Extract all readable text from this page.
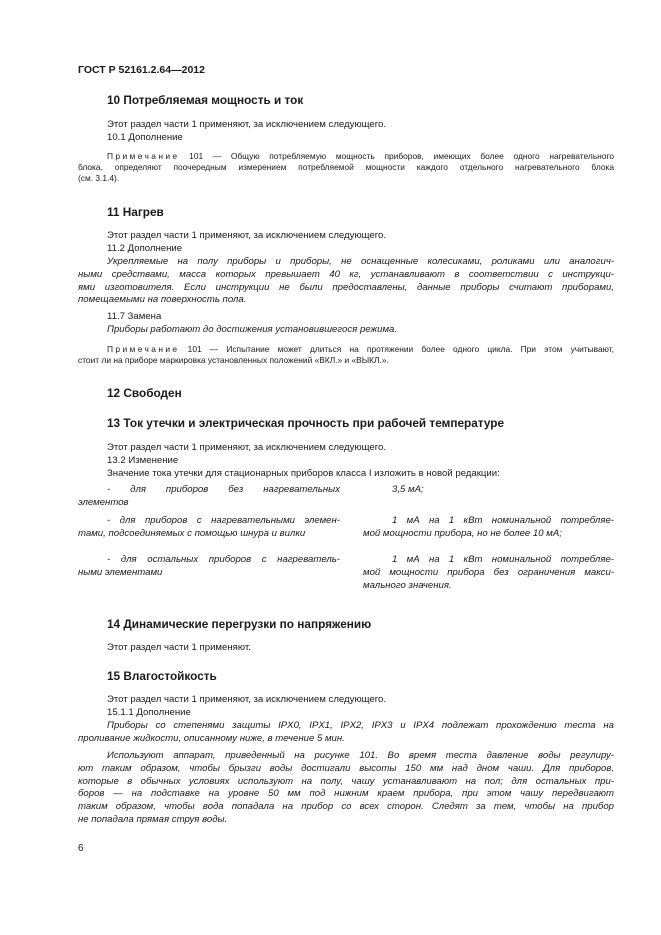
ГОСТ Р 52161.2.64—2012
10 Потребляемая мощность и ток
Этот раздел части 1 применяют, за исключением следующего.
10.1 Дополнение
Примечание 101 — Общую потребляемую мощность приборов, имеющих более одного нагревательного
блока, определяют поочередным измерением потребляемой мощности каждого отдельного нагревательного блока
(см. 3.1.4).
11 Нагрев
Этот раздел части 1 применяют, за исключением следующего.
11.2 Дополнение
Укрепляемые на полу приборы и приборы, не оснащенные колесиками, роликами или аналогич-
ными средствами, масса которых превышает 40 кг, устанавливают в соответствии с инструкци-
ями изготовителя. Если инструкции не были предоставлены, данные приборы считают приборами,
помещаемыми на поверхность пола.
11.7 Замена
Приборы работают до достижения установившегося режима.
Примечание 101 — Испытание может длиться на протяжении более одного цикла. При этом учитывают,
стоит ли на приборе маркировка установленных положений «ВКЛ.» и «ВЫКЛ.».
12 Свободен
13 Ток утечки и электрическая прочность при рабочей температуре
Этот раздел части 1 применяют, за исключением следующего.
13.2 Изменение
Значение тока утечки для стационарных приборов класса I изложить в новой редакции:
- для приборов без нагревательных
элементов
3,5 мА;
- для приборов с нагревательными элемен-
тами, подсоединяемых с помощью шнура и вилки
1 мА на 1 кВт номинальной потребляе-
мой мощности прибора, но не более 10 мА;
- для остальных приборов с нагреватель-
ными элементами
1 мА на 1 кВт номинальной потребляе-
мой мощности прибора без ограничения макси-
мального значения.
14 Динамические перегрузки по напряжению
Этот раздел части 1 применяют.
15 Влагостойкость
Этот раздел части 1 применяют, за исключением следующего.
15.1.1 Дополнение
Приборы со степенями защиты IPX0, IPX1, IPX2, IPX3 и IPX4 подлежат прохождению теста на
проливание жидкости, описанному ниже, в течение 5 мин.
Используют аппарат, приведенный на рисунке 101. Во время теста давление воды регулиру-
ют таким образом, чтобы брызги воды достигали высоты 150 мм над дном чаши. Для приборов,
которые в обычных условиях используют на полу, чашу устанавливают на пол; для остальных при-
боров — на подставке на уровне 50 мм под нижним краем прибора, при этом чашу передвигают
таким образом, чтобы вода попадала на прибор со всех сторон. Следят за тем, чтобы на прибор
не попадала прямая струя воды.
6
